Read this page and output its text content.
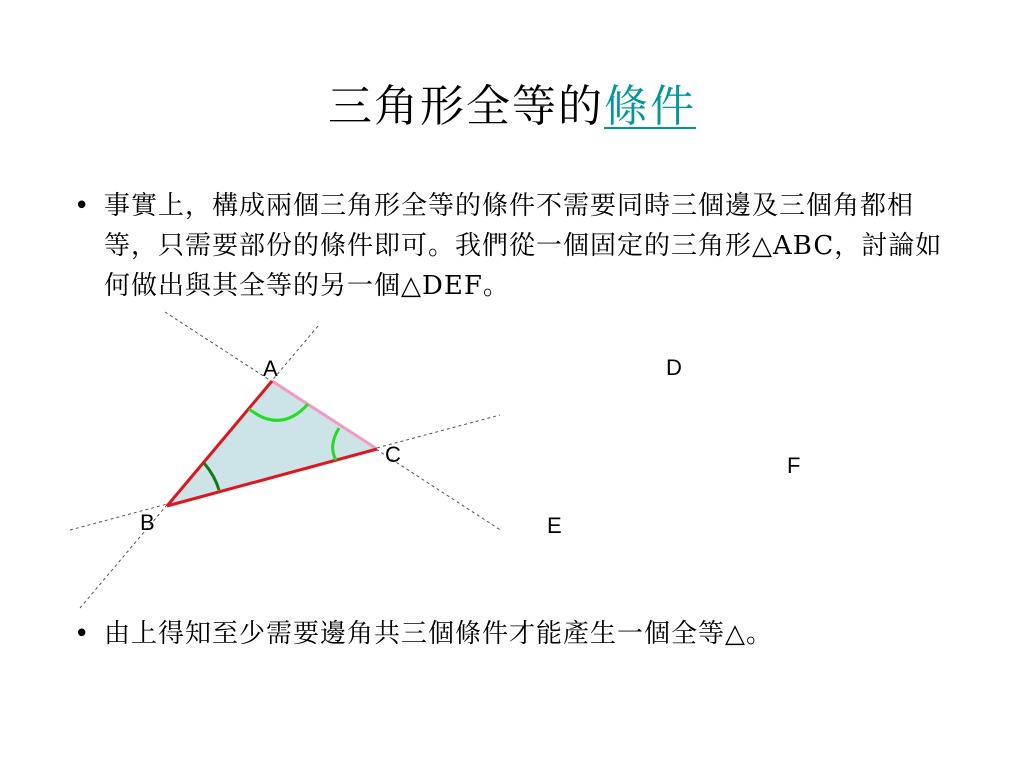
三角形全等的條件
• 事實上，構成兩個三角形全等的條件不需要同時三個邊及三個角都相等，只需要部份的條件即可。我們從一個固定的三角形△ABC，討論如何做出與其全等的另一個△DEF。
• 由上得知至少需要邊角共三個條件才能產生一個全等△。
A
B
C
D
E
F
